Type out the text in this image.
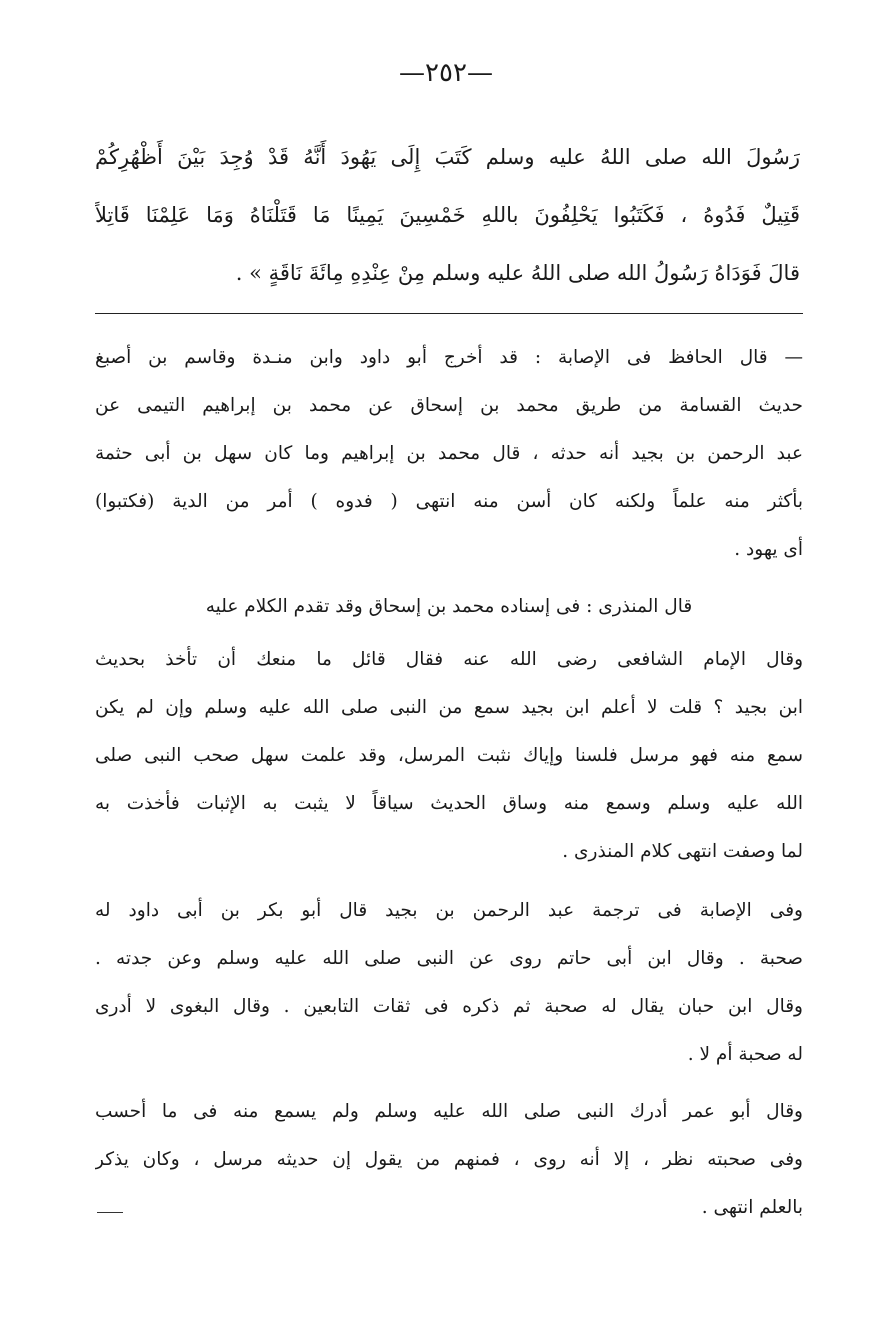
—٢٥٢—
رَسُولَ الله صلى اللهُ عليه وسلم كَتَبَ إِلَى يَهُودَ أَنَّهُ قَدْ وُجِدَ بَيْنَ أَظْهُرِكُمْ
قَتِيلٌ فَدُوهُ ، فَكَتَبُوا يَحْلِفُونَ باللهِ خَمْسِينَ يَمِينًا مَا قَتَلْنَاهُ وَمَا عَلِمْنَا قَاتِلاً
قالَ فَوَدَاهُ رَسُولُ الله صلى اللهُ عليه وسلم مِنْ عِنْدِهِ مِائَةَ نَاقَةٍ » .
— قال الحافظ فى الإصابة : قد أخرج أبو داود وابن منـدة وقاسم بن أصبغ
حديث القسامة من طريق محمد بن إسحاق عن محمد بن إبراهيم التيمى عن
عبد الرحمن بن بجيد أنه حدثه ، قال محمد بن إبراهيم وما كان سهل بن أبى حثمة
بأكثر منه علماً ولكنه كان أسن منه انتهى ( فدوه ) أمر من الدية (فكتبوا)
أى يهود .
قال المنذرى : فى إسناده محمد بن إسحاق وقد تقدم الكلام عليه
وقال الإمام الشافعى رضى الله عنه فقال قائل ما منعك أن تأخذ بحديث
ابن بجيد ؟ قلت لا أعلم ابن بجيد سمع من النبى صلى الله عليه وسلم وإن لم يكن
سمع منه فهو مرسل فلسنا وإياك نثبت المرسل، وقد علمت سهل صحب النبى صلى
الله عليه وسلم وسمع منه وساق الحديث سياقاً لا يثبت به الإثبات فأخذت به
لما وصفت انتهى كلام المنذرى .
وفى الإصابة فى ترجمة عبد الرحمن بن بجيد قال أبو بكر بن أبى داود له
صحبة . وقال ابن أبى حاتم روى عن النبى صلى الله عليه وسلم وعن جدته .
وقال ابن حبان يقال له صحبة ثم ذكره فى ثقات التابعين . وقال البغوى لا أدرى
له صحبة أم لا .
وقال أبو عمر أدرك النبى صلى الله عليه وسلم ولم يسمع منه فى ما أحسب
وفى صحبته نظر ، إلا أنه روى ، فمنهم من يقول إن حديثه مرسل ، وكان يذكر
بالعلم انتهى .
